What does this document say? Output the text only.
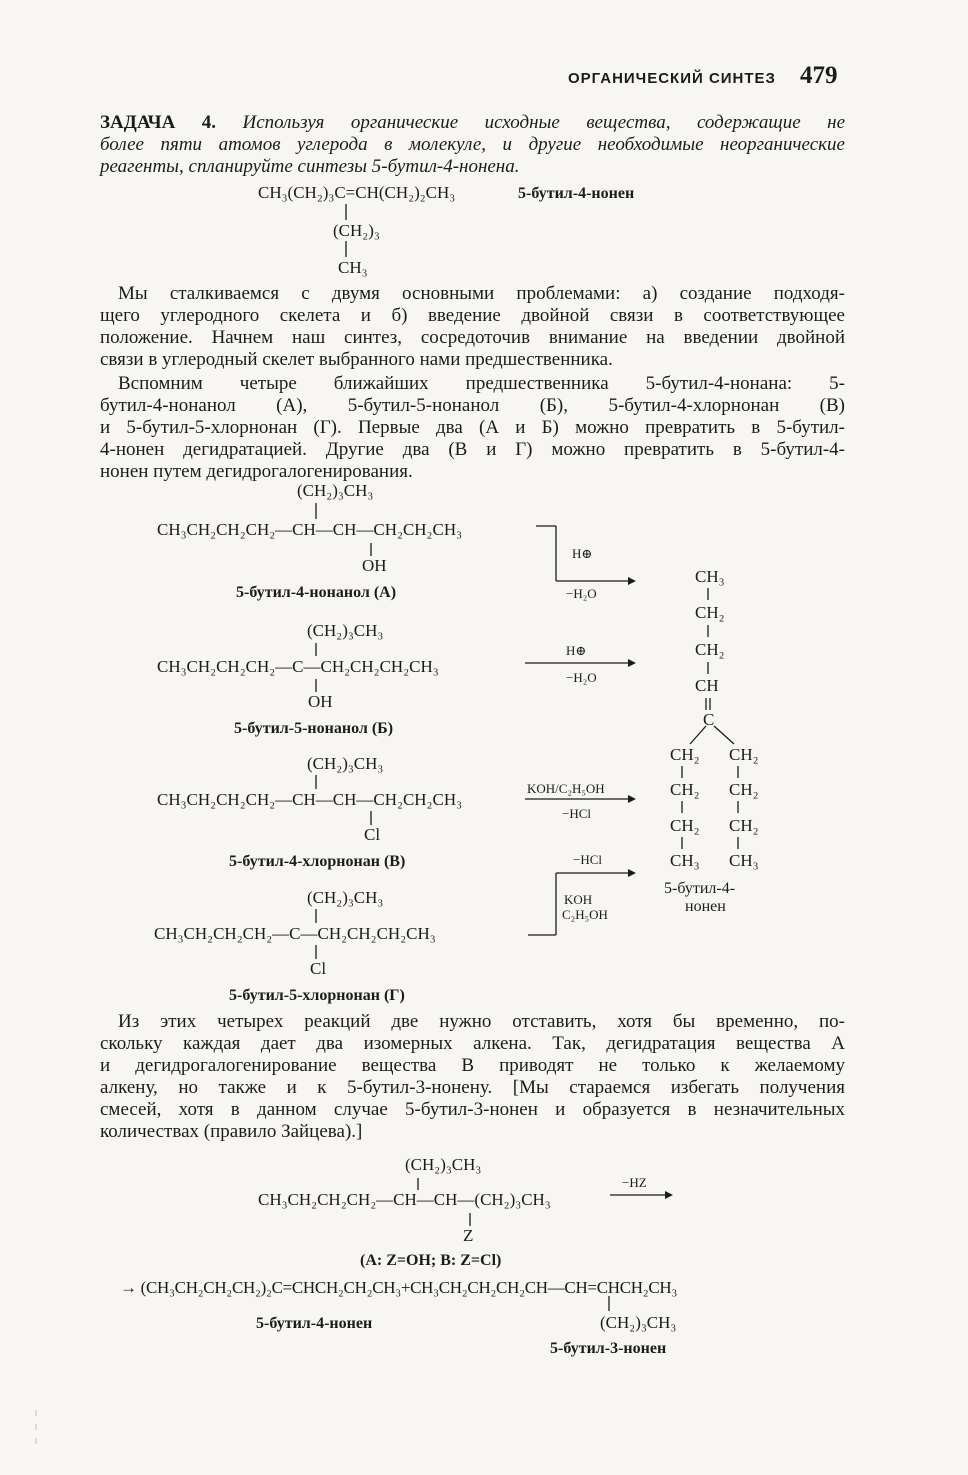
ОРГАНИЧЕСКИЙ СИНТЕЗ 479
ЗАДАЧА 4. Используя органические исходные вещества, содержащие не
более пяти атомов углерода в молекуле, и другие необходимые неорганические
реагенты, спланируйте синтезы 5-бутил-4-нонена.
CH₃(CH₂)₃C=CH(CH₂)₂CH₃	5-бутил-4-нонен
(CH₂)₃
CH₃
Мы сталкиваемся с двумя основными проблемами: а) создание подходя-
щего углеродного скелета и б) введение двойной связи в соответствующее
положение. Начнем наш синтез, сосредоточив внимание на введении двойной
связи в углеродный скелет выбранного нами предшественника.
Вспомним четыре ближайших предшественника 5-бутил-4-нонана: 5-
бутил-4-нонанол (А), 5-бутил-5-нонанол (Б), 5-бутил-4-хлорнонан (В)
и 5-бутил-5-хлорнонан (Г). Первые два (А и Б) можно превратить в 5-бутил-
4-нонен дегидратацией. Другие два (В и Г) можно превратить в 5-бутил-4-
нонен путем дегидрогалогенирования.
(CH₂)₃CH₃
CH₃CH₂CH₂CH₂—CH—CH—CH₂CH₂CH₃
OH
5-бутил-4-нонанол (А)
H⊕
−H₂O
(CH₂)₃CH₃
CH₃CH₂CH₂CH₂—C—CH₂CH₂CH₂CH₃
OH
5-бутил-5-нонанол (Б)
H⊕
−H₂O
(CH₂)₃CH₃
CH₃CH₂CH₂CH₂—CH—CH—CH₂CH₂CH₃
Cl
5-бутил-4-хлорнонан (В)
KOH/C₂H₅OH
−HCl
(CH₂)₃CH₃
CH₃CH₂CH₂CH₂—C—CH₂CH₂CH₂CH₃
Cl
5-бутил-5-хлорнонан (Г)
−HCl
KOH
C₂H₅OH
CH₃
CH₂
CH₂
CH
C
CH₂
CH₂
CH₂
CH₃
CH₂
CH₂
CH₂
CH₃
5-бутил-4-
нонен
Из этих четырех реакций две нужно отставить, хотя бы временно, по-
скольку каждая дает два изомерных алкена. Так, дегидратация вещества А
и дегидрогалогенирование вещества В приводят не только к желаемому
алкену, но также и к 5-бутил-3-нонену. [Мы стараемся избегать получения
смесей, хотя в данном случае 5-бутил-3-нонен и образуется в незначительных
количествах (правило Зайцева).]
(CH₂)₃CH₃
CH₃CH₂CH₂CH₂—CH—CH—(CH₂)₃CH₃
−HZ
Z
(A: Z=OH; B: Z=Cl)
→ (CH₃CH₂CH₂CH₂)₂C=CHCH₂CH₂CH₃+CH₃CH₂CH₂CH₂CH—CH=CHCH₂CH₃
5-бутил-4-нонен	(CH₂)₃CH₃
5-бутил-3-нонен
